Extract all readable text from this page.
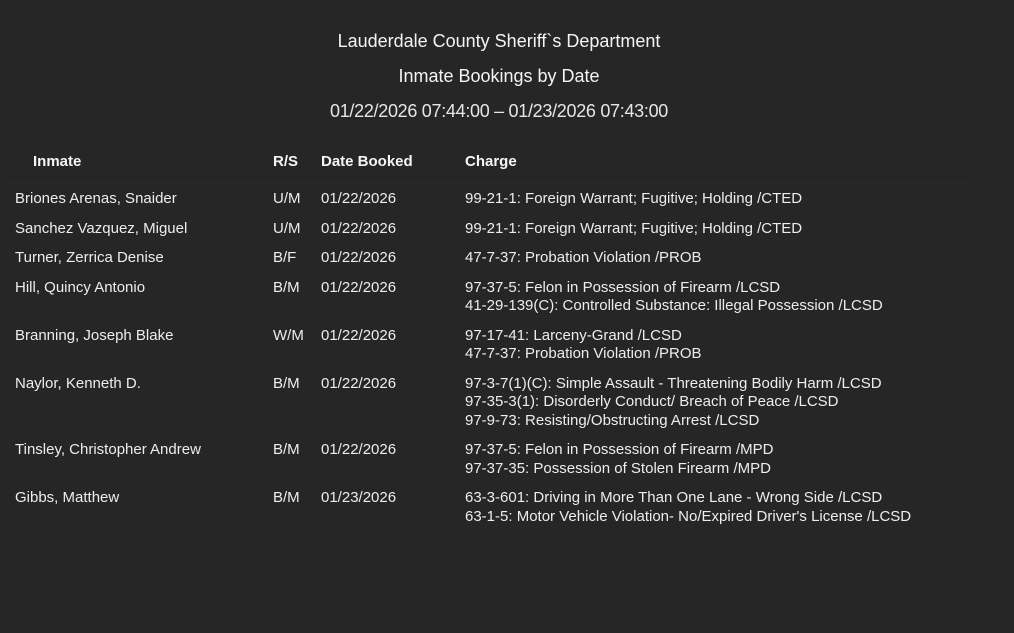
Lauderdale County Sheriff`s Department
Inmate Bookings by Date
01/22/2026 07:44:00 – 01/23/2026 07:43:00
Inmate	R/S	Date Booked	Charge
Briones Arenas, Snaider	U/M	01/22/2026	99-21-1: Foreign Warrant; Fugitive; Holding /CTED

Sanchez Vazquez, Miguel	U/M	01/22/2026	99-21-1: Foreign Warrant; Fugitive; Holding /CTED

Turner, Zerrica Denise	B/F	01/22/2026	47-7-37: Probation Violation /PROB

Hill, Quincy Antonio	B/M	01/22/2026	97-37-5: Felon in Possession of Firearm /LCSD
41-29-139(C): Controlled Substance: Illegal Possession /LCSD

Branning, Joseph Blake	W/M	01/22/2026	97-17-41: Larceny-Grand /LCSD
47-7-37: Probation Violation /PROB

Naylor, Kenneth D.	B/M	01/22/2026	97-3-7(1)(C): Simple Assault - Threatening Bodily Harm /LCSD
97-35-3(1): Disorderly Conduct/ Breach of Peace /LCSD
97-9-73: Resisting/Obstructing Arrest /LCSD

Tinsley, Christopher Andrew	B/M	01/22/2026	97-37-5: Felon in Possession of Firearm /MPD
97-37-35: Possession of Stolen Firearm /MPD

Gibbs, Matthew	B/M	01/23/2026	63-3-601: Driving in More Than One Lane - Wrong Side /LCSD
63-1-5: Motor Vehicle Violation- No/Expired Driver's License /LCSD
